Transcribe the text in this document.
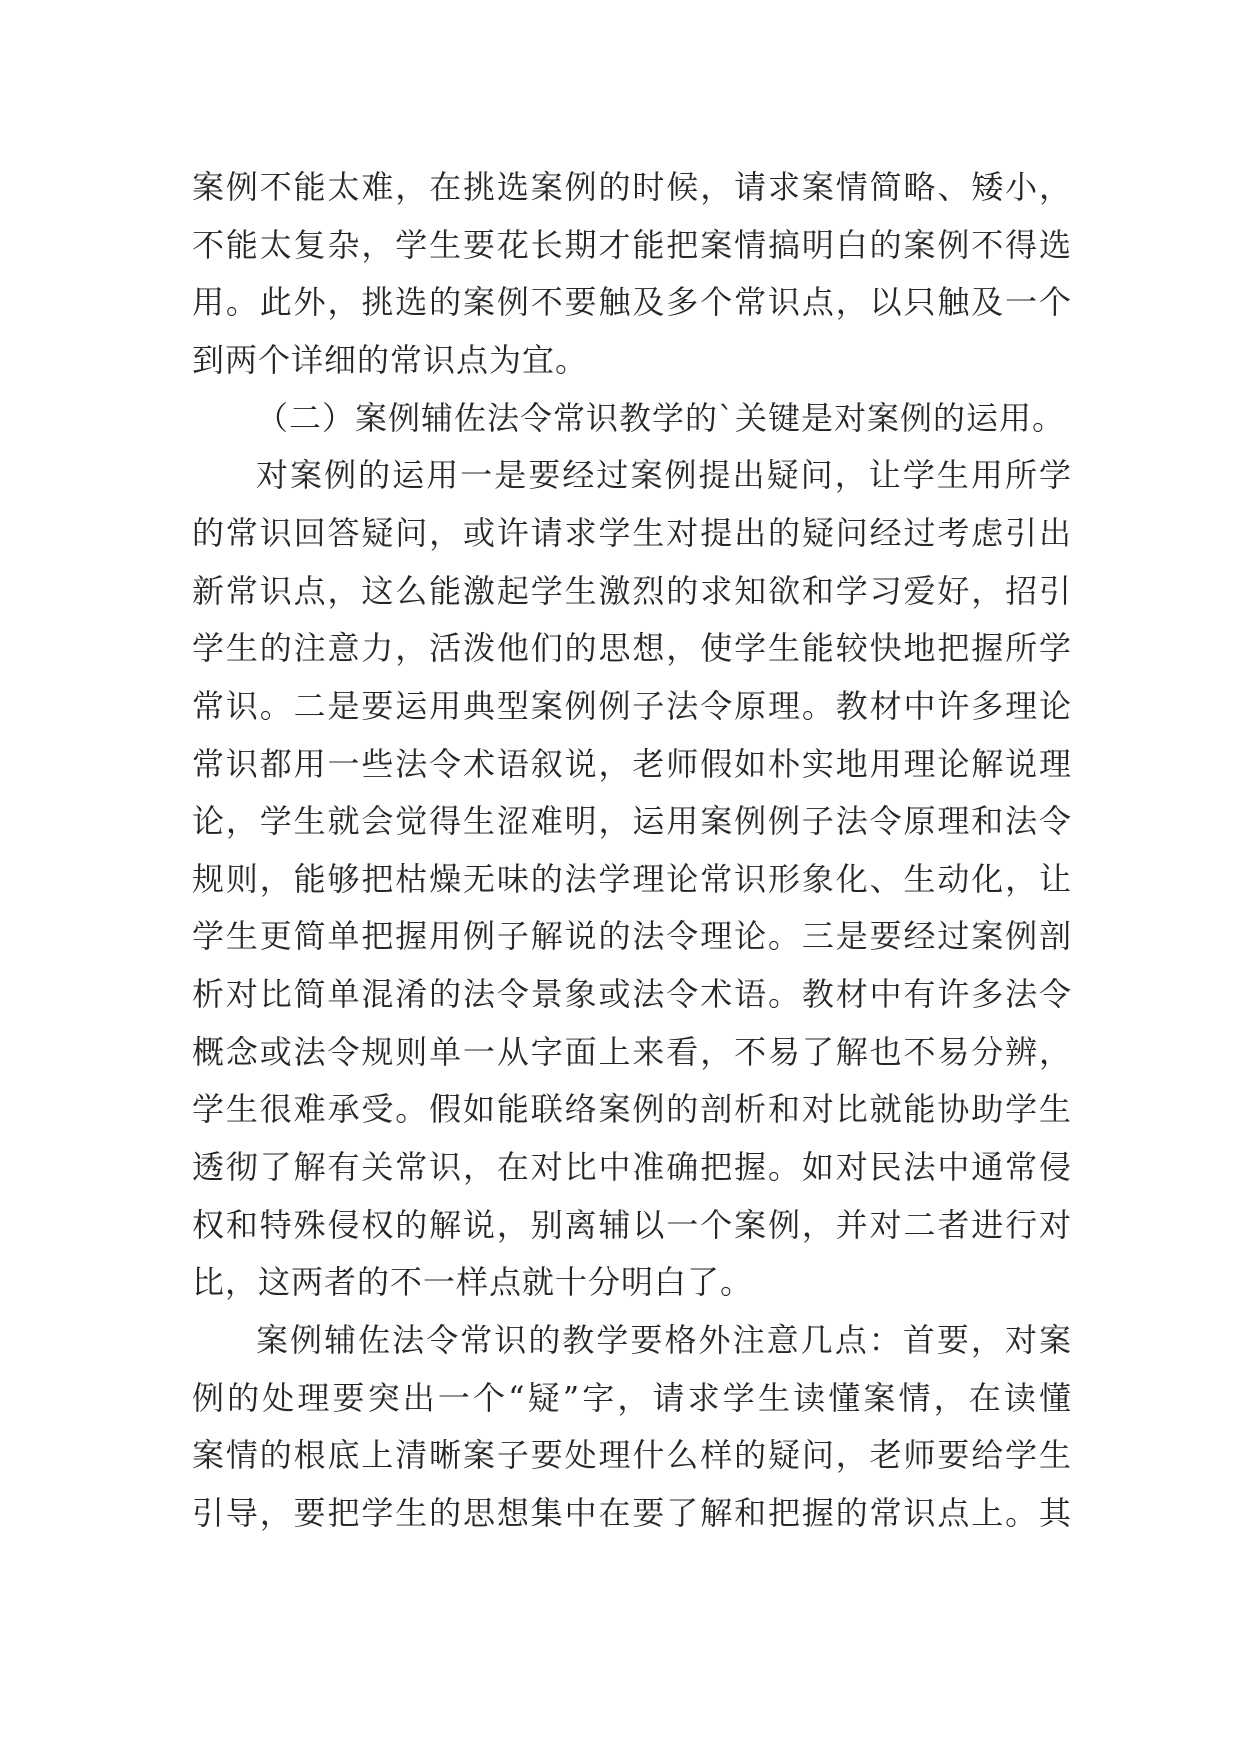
案例不能太难，在挑选案例的时候，请求案情简略、矮小，
不能太复杂，学生要花长期才能把案情搞明白的案例不得选
用。此外，挑选的案例不要触及多个常识点，以只触及一个
到两个详细的常识点为宜。
（二）案例辅佐法令常识教学的`关键是对案例的运用。
对案例的运用一是要经过案例提出疑问，让学生用所学
的常识回答疑问，或许请求学生对提出的疑问经过考虑引出
新常识点，这么能激起学生激烈的求知欲和学习爱好，招引
学生的注意力，活泼他们的思想，使学生能较快地把握所学
常识。二是要运用典型案例例子法令原理。教材中许多理论
常识都用一些法令术语叙说，老师假如朴实地用理论解说理
论，学生就会觉得生涩难明，运用案例例子法令原理和法令
规则，能够把枯燥无味的法学理论常识形象化、生动化，让
学生更简单把握用例子解说的法令理论。三是要经过案例剖
析对比简单混淆的法令景象或法令术语。教材中有许多法令
概念或法令规则单一从字面上来看，不易了解也不易分辨，
学生很难承受。假如能联络案例的剖析和对比就能协助学生
透彻了解有关常识，在对比中准确把握。如对民法中通常侵
权和特殊侵权的解说，别离辅以一个案例，并对二者进行对
比，这两者的不一样点就十分明白了。
案例辅佐法令常识的教学要格外注意几点：首要，对案
例的处理要突出一个“疑”字，请求学生读懂案情，在读懂
案情的根底上清晰案子要处理什么样的疑问，老师要给学生
引导，要把学生的思想集中在要了解和把握的常识点上。其
